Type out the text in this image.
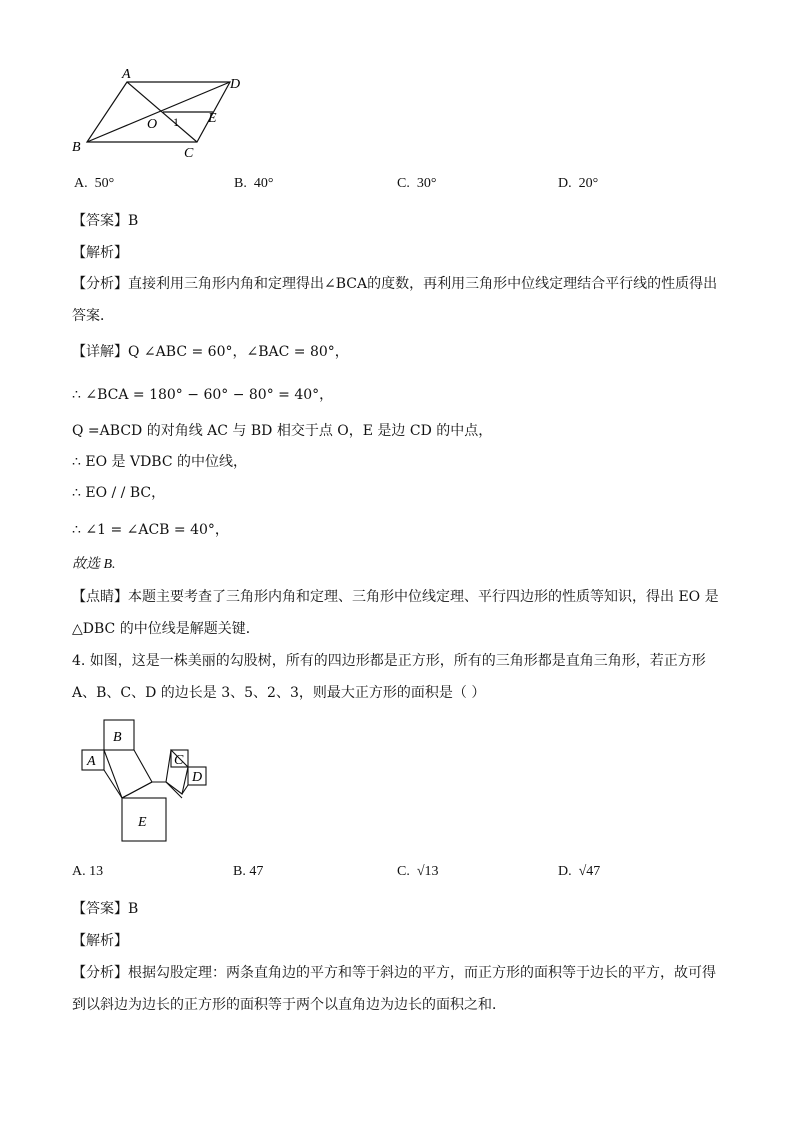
A
D
B	C
O	E
1
A. 50°	B. 40°	C. 30°	D. 20°
【答案】B
【解析】
【分析】直接利用三角形内角和定理得出∠BCA的度数，再利用三角形中位线定理结合平行线的性质得出
答案．
【详解】Q ∠ABC = 60°，∠BAC = 80°，
∴ ∠BCA = 180° − 60° − 80° = 40°，
Q =ABCD 的对角线 AC 与 BD 相交于点 O，E 是边 CD 的中点，
∴ EO 是 VDBC 的中位线，
∴ EO / / BC，
∴ ∠1 = ∠ACB = 40°，
故选 B.
【点睛】本题主要考查了三角形内角和定理、三角形中位线定理、平行四边形的性质等知识，得出 EO 是
△DBC 的中位线是解题关键．
4. 如图，这是一株美丽的勾股树，所有的四边形都是正方形，所有的三角形都是直角三角形，若正方形
A、B、C、D 的边长是 3、5、2、3，则最大正方形的面积是（ ）
B
A	C
D
E
A. 13	B. 47	C. √13	D. √47
【答案】B
【解析】
【分析】根据勾股定理：两条直角边的平方和等于斜边的平方，而正方形的面积等于边长的平方，故可得
到以斜边为边长的正方形的面积等于两个以直角边为边长的面积之和．
